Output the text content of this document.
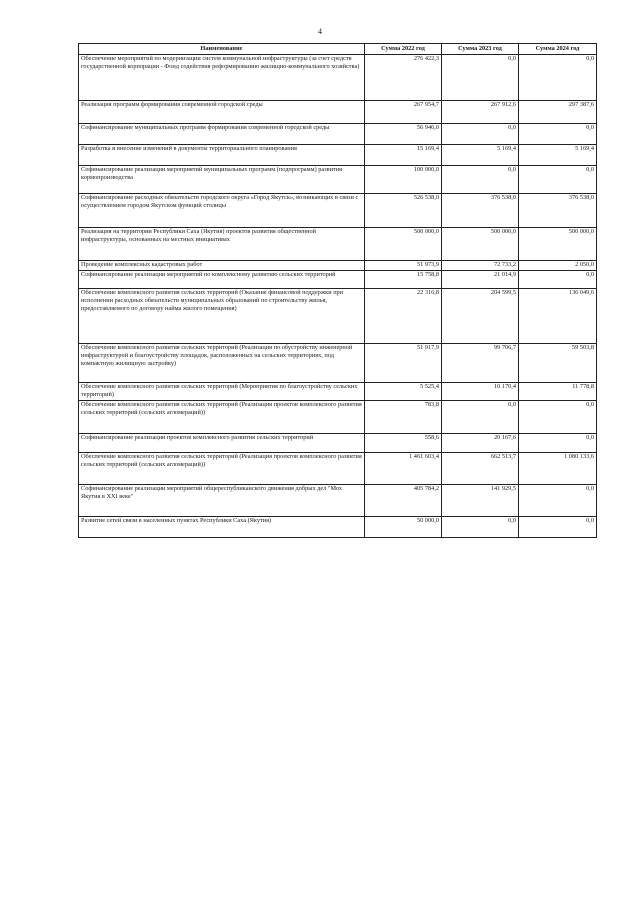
4
Наименование	Сумма 2022 год	Сумма 2023 год	Сумма 2024 год
Обеспечение мероприятий по модернизации систем коммунальной инфраструктуры (за счет средств государственной корпорации - Фонд содействия реформированию жилищно-коммунального хозяйства)	276 422,3	0,0	0,0
Реализация программ формирования современной городской среды	267 954,7	267 912,6	297 387,6
Софинансирование муниципальных программ формирования современной городской среды	56 946,0	0,0	0,0
Разработка и внесение изменений в документы территориального планирования	15 169,4	5 169,4	5 169,4
Софинансирование реализации мероприятий муниципальных программ (подпрограмм) развития кормопроизводства	100 000,0	0,0	0,0
Софинансирование расходных обязательств городского округа «Город Якутск», возникающих в связи с осуществлением городом Якутском функций столицы	526 538,0	376 538,0	376 538,0
Реализация на территории Республики Саха (Якутия) проектов развития общественной инфраструктуры, основанных на местных инициативах	500 000,0	500 000,0	500 000,0
Проведение комплексных кадастровых работ	51 973,9	72 733,2	2 050,0
Софинансирование реализации мероприятий по комплексному развитию сельских территорий	15 758,8	21 014,9	0,0
Обеспечение комплексного развития сельских территорий (Оказание финансовой поддержки при исполнении расходных обязательств муниципальных образований по строительству жилья, предоставляемого по договору найма жилого помещения)	22 316,8	204 599,5	136 049,6
Обеспечение комплексного развития сельских территорий (Реализация по обустройству инженерной инфраструктурой и благоустройству площадок, расположенных на сельских территориях, под компактную жилищную застройку)	51 917,9	99 706,7	59 503,8
Обеспечение комплексного развития сельских территорий (Мероприятия по благоустройству сельских территорий)	5 525,4	10 170,4	11 778,8
Обеспечение комплексного развития сельских территорий (Реализация проектов комплексного развития сельских территорий (сельских агломераций))	783,8	0,0	0,0
Софинансирование реализации проектов комплексного развития сельских территорий	558,6	20 167,6	0,0
Обеспечение комплексного развития сельских территорий (Реализация проектов комплексного развития сельских территорий (сельских агломераций))	1 461 603,4	662 513,7	1 080 133,6
Софинансирование реализации мероприятий общереспубликанского движения добрых дел "Мох Якутия в XXI веке"	405 784,2	141 929,5	0,0
Развитие сетей связи в населенных пунктах Республики Саха (Якутия)	50 000,0	0,0	0,0
